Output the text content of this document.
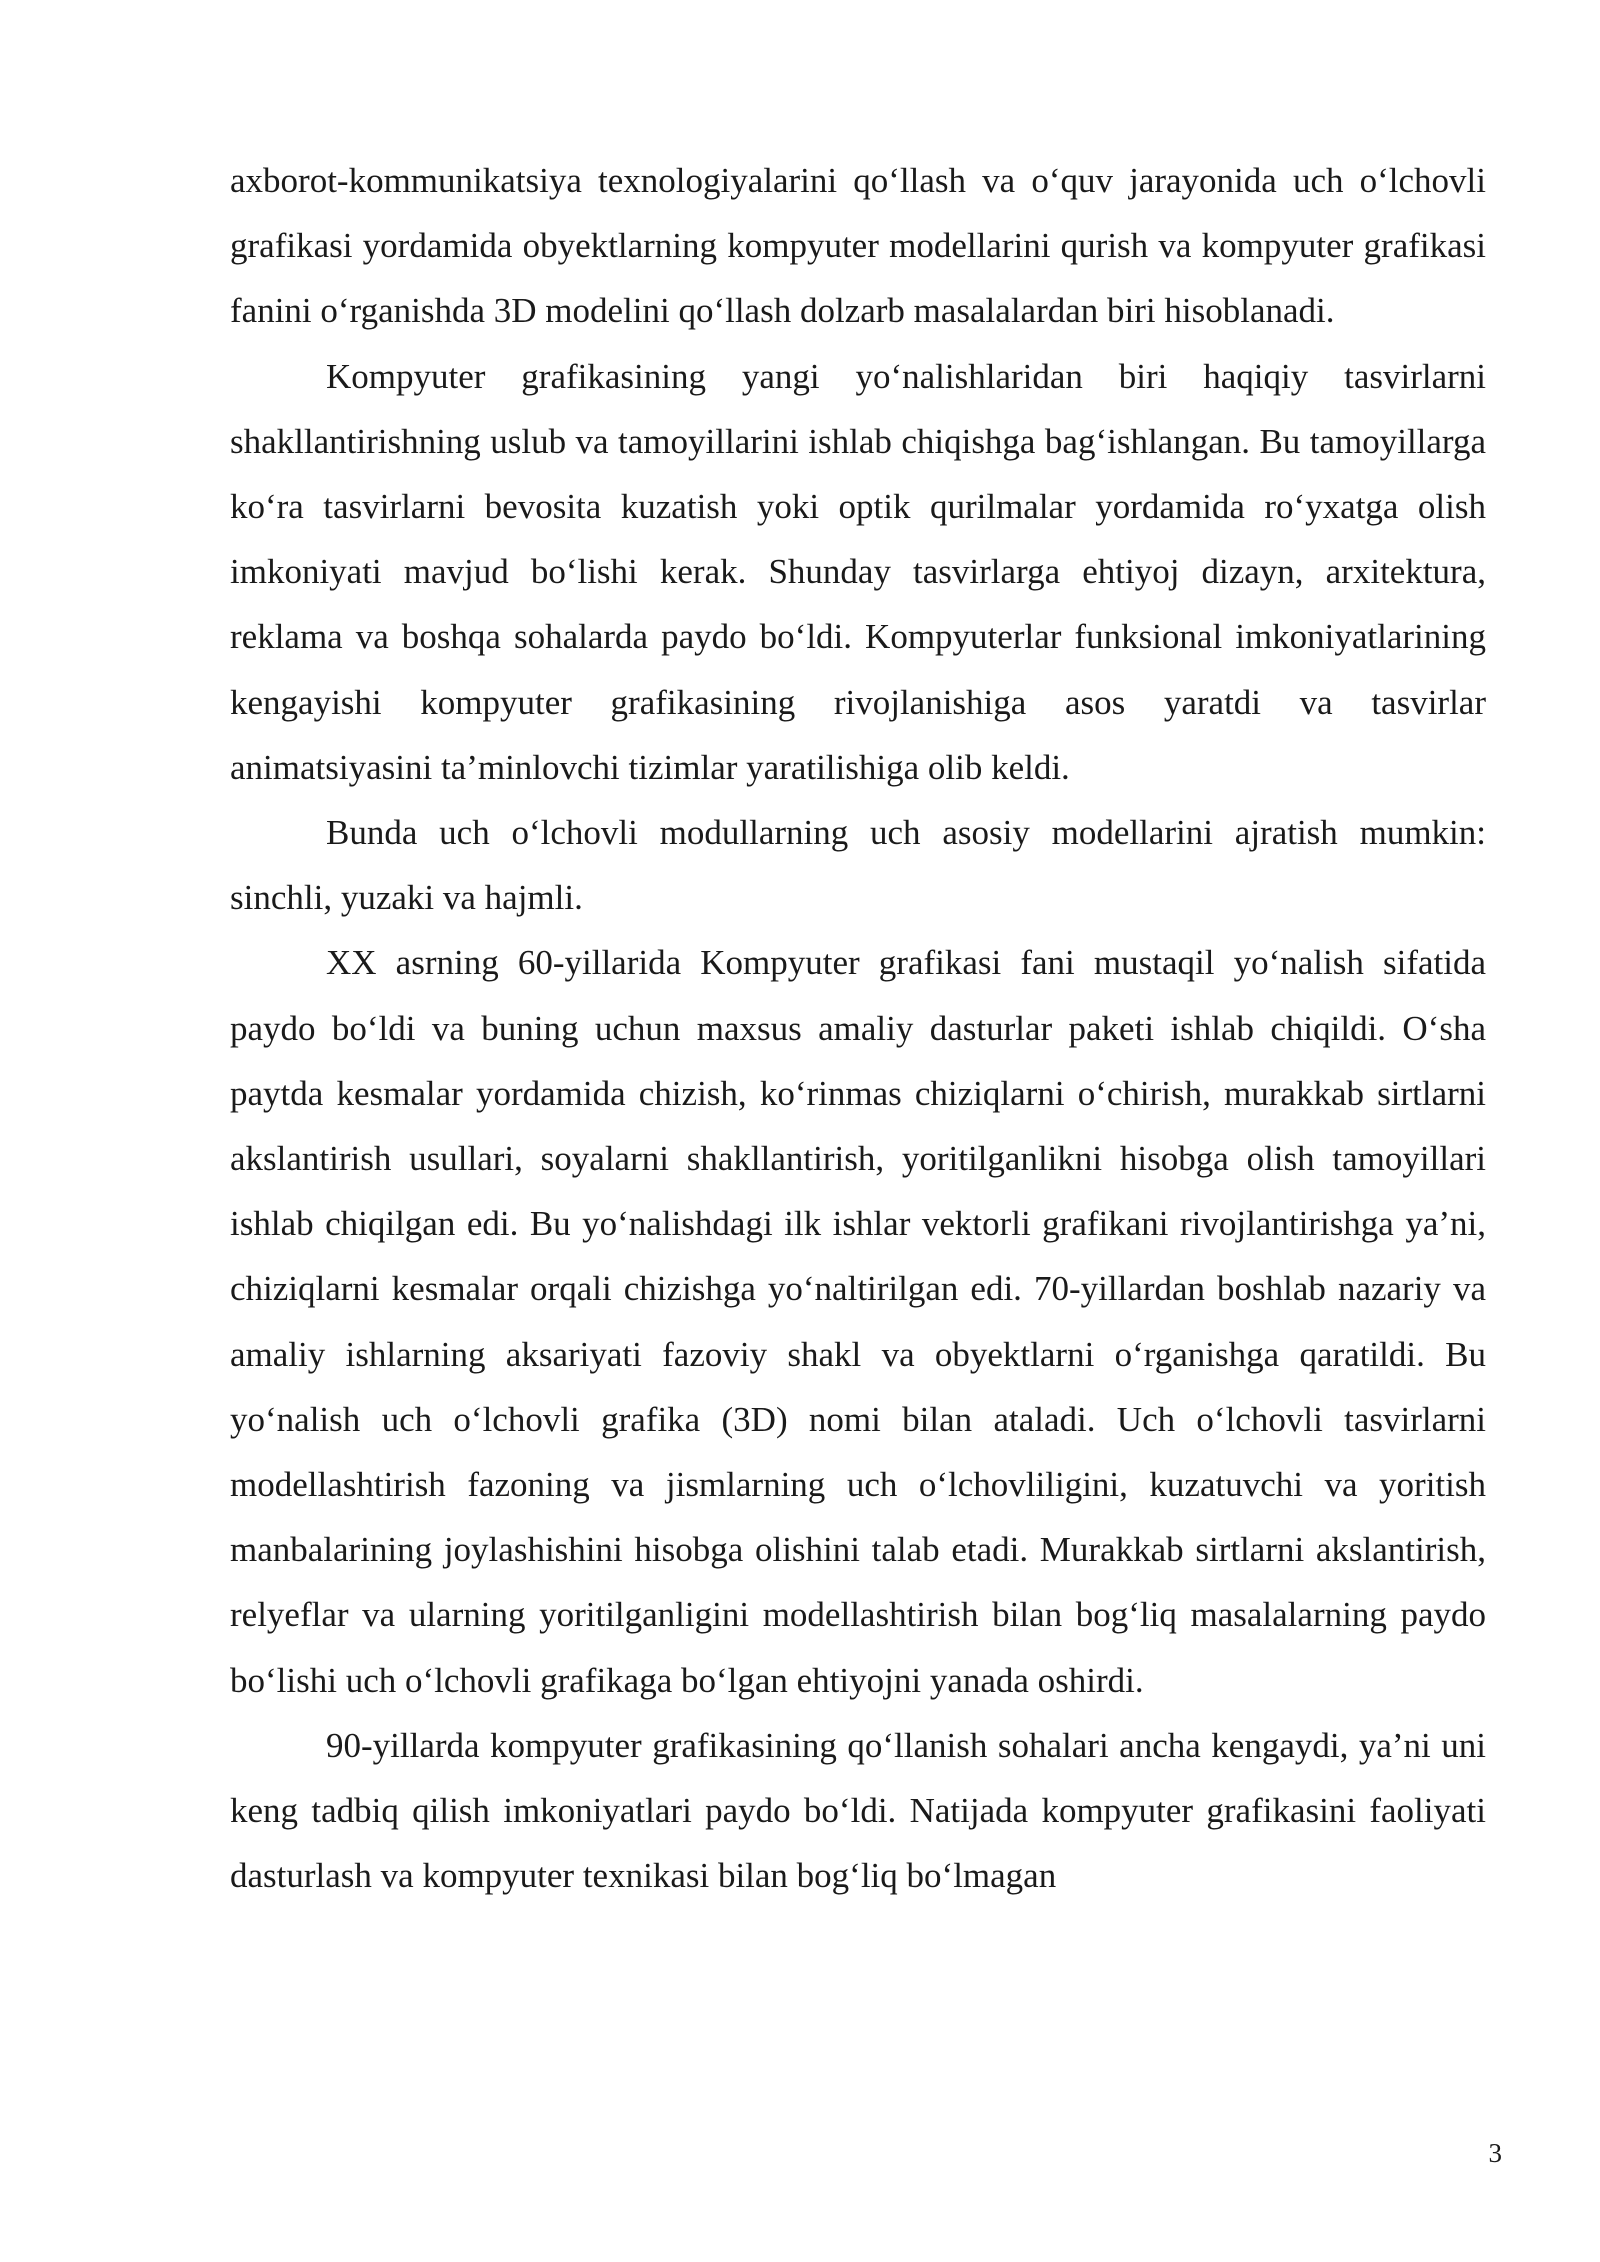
axborot-kommunikatsiya texnologiyalarini qo‘llash va o‘quv jarayonida uch o‘lchovli grafikasi yordamida obyektlarning kompyuter modellarini qurish va kompyuter grafikasi fanini o‘rganishda 3D modelini qo‘llash dolzarb masalalardan biri hisoblanadi.

Kompyuter grafikasining yangi yo‘nalishlaridan biri haqiqiy tasvirlarni shakllantirishning uslub va tamoyillarini ishlab chiqishga bag‘ishlangan. Bu tamoyillarga ko‘ra tasvirlarni bevosita kuzatish yoki optik qurilmalar yordamida ro‘yxatga olish imkoniyati mavjud bo‘lishi kerak. Shunday tasvirlarga ehtiyoj dizayn, arxitektura, reklama va boshqa sohalarda paydo bo‘ldi. Kompyuterlar funksional imkoniyatlarining kengayishi kompyuter grafikasining rivojlanishiga asos yaratdi va tasvirlar animatsiyasini ta’minlovchi tizimlar yaratilishiga olib keldi.

Bunda uch o‘lchovli modullarning uch asosiy modellarini ajratish mumkin: sinchli, yuzaki va hajmli.

XX asrning 60-yillarida Kompyuter grafikasi fani mustaqil yo‘nalish sifatida paydo bo‘ldi va buning uchun maxsus amaliy dasturlar paketi ishlab chiqildi. O‘sha paytda kesmalar yordamida chizish, ko‘rinmas chiziqlarni o‘chirish, murakkab sirtlarni akslantirish usullari, soyalarni shakllantirish, yoritilganlikni hisobga olish tamoyillari ishlab chiqilgan edi. Bu yo‘nalishdagi ilk ishlar vektorli grafikani rivojlantirishga ya’ni, chiziqlarni kesmalar orqali chizishga yo‘naltirilgan edi. 70-yillardan boshlab nazariy va amaliy ishlarning aksariyati fazoviy shakl va obyektlarni o‘rganishga qaratildi. Bu yo‘nalish uch o‘lchovli grafika (3D) nomi bilan ataladi. Uch o‘lchovli tasvirlarni modellashtirish fazoning va jismlarning uch o‘lchovliligini, kuzatuvchi va yoritish manbalarining joylashishini hisobga olishini talab etadi. Murakkab sirtlarni akslantirish, relyeflar va ularning yoritilganligini modellashtirish bilan bog‘liq masalalarning paydo bo‘lishi uch o‘lchovli grafikaga bo‘lgan ehtiyojni yanada oshirdi.

90-yillarda kompyuter grafikasining qo‘llanish sohalari ancha kengaydi, ya’ni uni keng tadbiq qilish imkoniyatlari paydo bo‘ldi. Natijada kompyuter grafikasini faoliyati dasturlash va kompyuter texnikasi bilan bog‘liq bo‘lmagan

3
